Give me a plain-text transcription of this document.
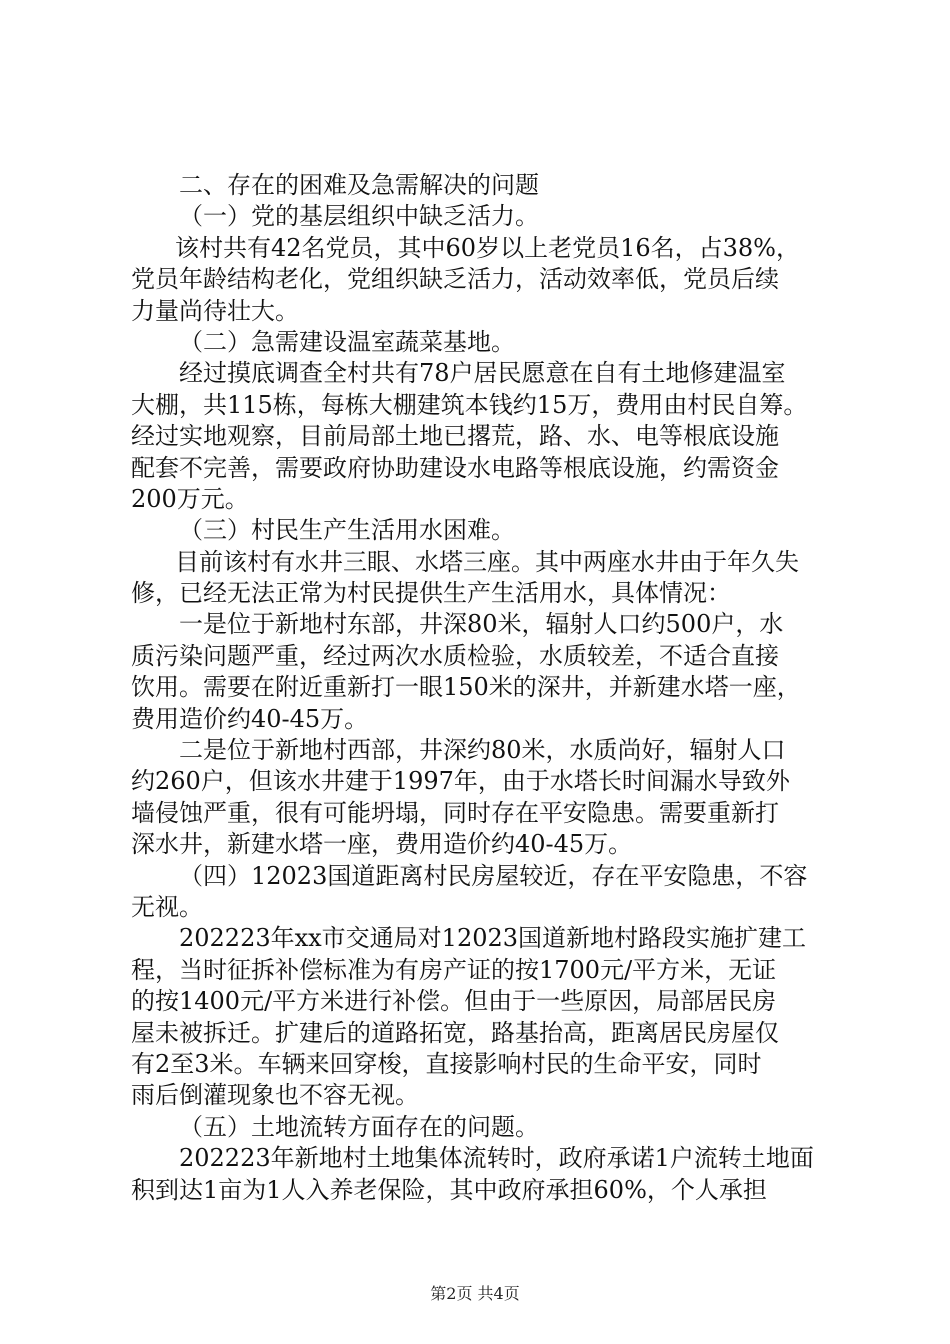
二、存在的困难及急需解决的问题
（一）党的基层组织中缺乏活力。
该村共有42名党员，其中60岁以上老党员16名，占38%，
党员年龄结构老化，党组织缺乏活力，活动效率低，党员后续
力量尚待壮大。
（二）急需建设温室蔬菜基地。
经过摸底调查全村共有78户居民愿意在自有土地修建温室
大棚，共115栋，每栋大棚建筑本钱约15万，费用由村民自筹。
经过实地观察，目前局部土地已撂荒，路、水、电等根底设施
配套不完善，需要政府协助建设水电路等根底设施，约需资金
200万元。
（三）村民生产生活用水困难。
目前该村有水井三眼、水塔三座。其中两座水井由于年久失
修，已经无法正常为村民提供生产生活用水，具体情况：
一是位于新地村东部，井深80米，辐射人口约500户，水
质污染问题严重，经过两次水质检验，水质较差，不适合直接
饮用。需要在附近重新打一眼150米的深井，并新建水塔一座，
费用造价约40-45万。
二是位于新地村西部，井深约80米，水质尚好，辐射人口
约260户，但该水井建于1997年，由于水塔长时间漏水导致外
墙侵蚀严重，很有可能坍塌，同时存在平安隐患。需要重新打
深水井，新建水塔一座，费用造价约40-45万。
（四）12023国道距离村民房屋较近，存在平安隐患，不容
无视。
202223年xx市交通局对12023国道新地村路段实施扩建工
程，当时征拆补偿标准为有房产证的按1700元/平方米，无证
的按1400元/平方米进行补偿。但由于一些原因，局部居民房
屋未被拆迁。扩建后的道路拓宽，路基抬高，距离居民房屋仅
有2至3米。车辆来回穿梭，直接影响村民的生命平安，同时
雨后倒灌现象也不容无视。
（五）土地流转方面存在的问题。
202223年新地村土地集体流转时，政府承诺1户流转土地面
积到达1亩为1人入养老保险，其中政府承担60%，个人承担
第2页 共4页
